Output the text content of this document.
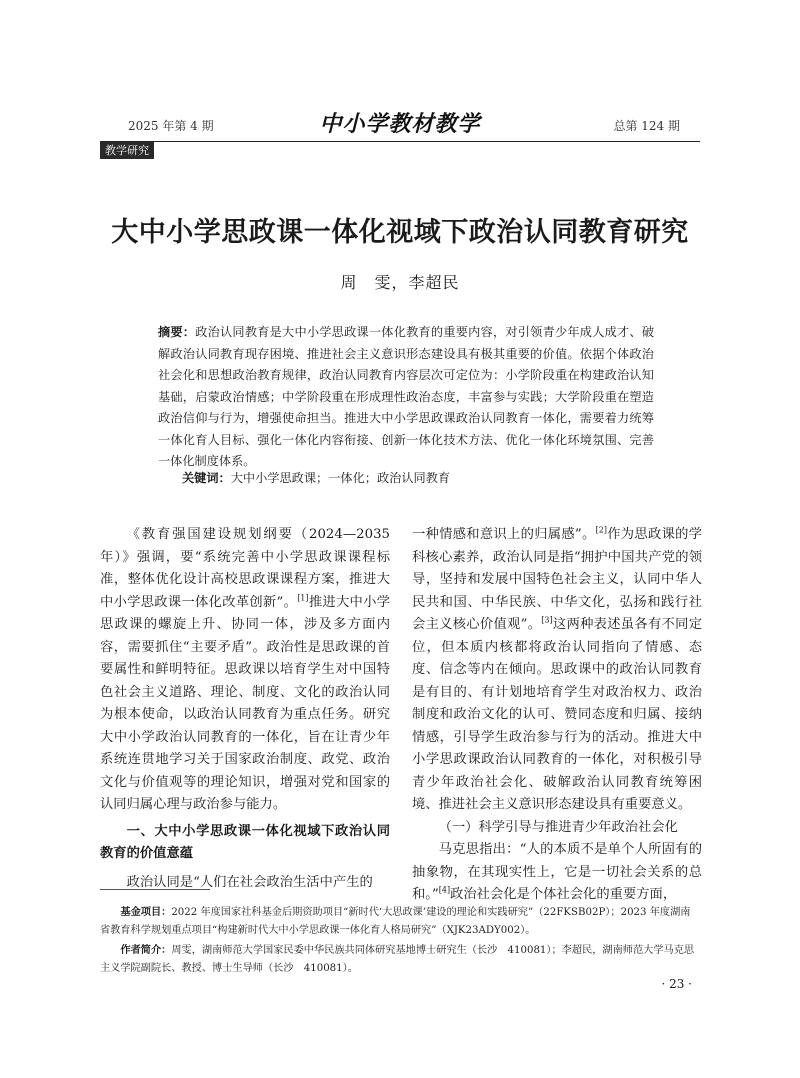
2025 年第 4 期	中小学教材教学	总第 124 期
教学研究
大中小学思政课一体化视域下政治认同教育研究
周　雯，李超民
摘要：政治认同教育是大中小学思政课一体化教育的重要内容，对引领青少年成人成才、破解政治认同教育现存困境、推进社会主义意识形态建设具有极其重要的价值。依据个体政治社会化和思想政治教育规律，政治认同教育内容层次可定位为：小学阶段重在构建政治认知基础，启蒙政治情感；中学阶段重在形成理性政治态度，丰富参与实践；大学阶段重在塑造政治信仰与行为，增强使命担当。推进大中小学思政课政治认同教育一体化，需要着力统筹一体化育人目标、强化一体化内容衔接、创新一体化技术方法、优化一体化环境氛围、完善一体化制度体系。
关键词：大中小学思政课；一体化；政治认同教育

《教育强国建设规划纲要（2024—2035 年）》强调，要“系统完善中小学思政课课程标准，整体优化设计高校思政课课程方案，推进大中小学思政课一体化改革创新”。[1]推进大中小学思政课的螺旋上升、协同一体，涉及多方面内容，需要抓住“主要矛盾”。政治性是思政课的首要属性和鲜明特征。思政课以培育学生对中国特色社会主义道路、理论、制度、文化的政治认同为根本使命，以政治认同教育为重点任务。研究大中小学政治认同教育的一体化，旨在让青少年系统连贯地学习关于国家政治制度、政党、政治文化与价值观等的理论知识，增强对党和国家的认同归属心理与政治参与能力。

一、大中小学思政课一体化视域下政治认同教育的价值意蕴

政治认同是“人们在社会政治生活中产生的

一种情感和意识上的归属感”。[2]作为思政课的学科核心素养，政治认同是指“拥护中国共产党的领导，坚持和发展中国特色社会主义，认同中华人民共和国、中华民族、中华文化，弘扬和践行社会主义核心价值观”。[3]这两种表述虽各有不同定位，但本质内核都将政治认同指向了情感、态度、信念等内在倾向。思政课中的政治认同教育是有目的、有计划地培育学生对政治权力、政治制度和政治文化的认可、赞同态度和归属、接纳情感，引导学生政治参与行为的活动。推进大中小学思政课政治认同教育的一体化，对积极引导青少年政治社会化、破解政治认同教育统筹困境、推进社会主义意识形态建设具有重要意义。

（一）科学引导与推进青少年政治社会化

马克思指出：“人的本质不是单个人所固有的抽象物，在其现实性上，它是一切社会关系的总和。”[4]政治社会化是个体社会化的重要方面，

基金项目：2022 年度国家社科基金后期资助项目“新时代‘大思政课’建设的理论和实践研究”（22FKSB02P）；2023 年度湖南省教育科学规划重点项目“构建新时代大中小学思政课一体化育人格局研究”（XJK23ADY002）。

作者简介：周雯，湖南师范大学国家民委中华民族共同体研究基地博士研究生（长沙　410081）；李超民，湖南师范大学马克思主义学院副院长、教授、博士生导师（长沙　410081）。

· 23 ·
